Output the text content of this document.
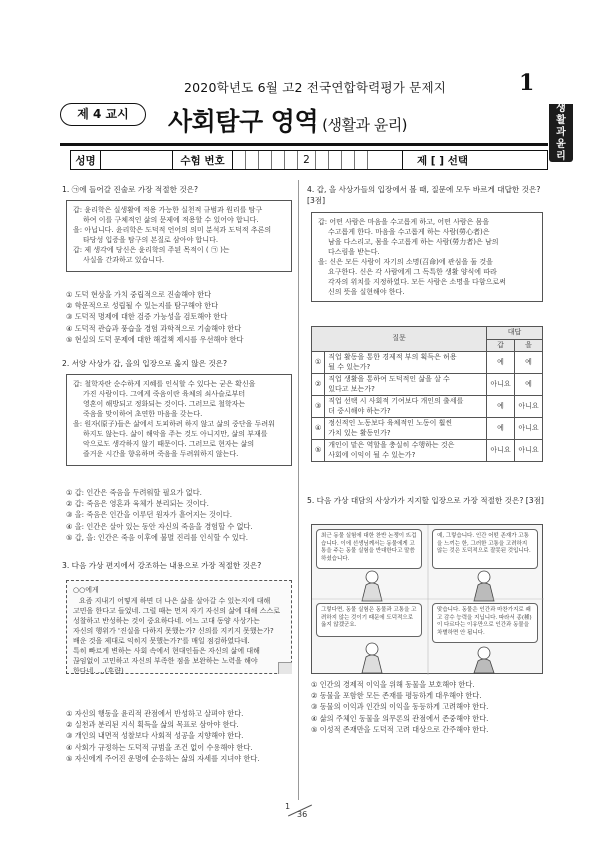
2020학년도 6월 고2 전국연합학력평가 문제지	1
생
활
과
윤
리
제 4 교시	사회탐구 영역 (생활과 윤리)
성명	수험 번호	2	제 [ ] 선택
1. ㉠에 들어갈 진술로 가장 적절한 것은?
갑: 윤리학은 실생활에 적용 가능한 실천적 규범과 원리를 탐구
하여 이를 구체적인 삶의 문제에 적용할 수 있어야 합니다.
을: 아닙니다. 윤리학은 도덕적 언어의 의미 분석과 도덕적 추론의
타당성 입증을 탐구의 본질로 삼아야 합니다.
갑: 제 생각에 당신은 윤리학의 주된 목적이 ( ㉠ )는
사실을 간과하고 있습니다.
① 도덕 현상을 가치 중립적으로 진술해야 한다
② 학문적으로 성립될 수 있는지를 탐구해야 한다
③ 도덕적 명제에 대한 검증 가능성을 검토해야 한다
④ 도덕적 관습과 풍습을 경험 과학적으로 기술해야 한다
⑤ 현실의 도덕 문제에 대한 해결책 제시를 우선해야 한다
2. 서양 사상가 갑, 을의 입장으로 옳지 않은 것은?
갑: 철학자란 순수하게 지혜를 인식할 수 있다는 굳은 확신을
가진 사람이다. 그에게 죽음이란 육체의 쇠사슬로부터
영혼이 해방되고 정화되는 것이다. 그러므로 철학자는
죽음을 맞이하여 초연한 마음을 갖는다.
을: 원자(原子)들은 삶에서 도피하려 하지 않고 삶의 중단을 두려워
하지도 않는다. 삶이 해악을 주는 것도 아니지만, 삶의 부재를
악으로도 생각하지 않기 때문이다. 그러므로 현자는 삶의
즐거운 시간을 향유하며 죽음을 두려워하지 않는다.
① 갑: 인간은 죽음을 두려워할 필요가 없다.
② 갑: 죽음은 영혼과 육체가 분리되는 것이다.
③ 을: 죽음은 인간을 이루던 원자가 흩어지는 것이다.
④ 을: 인간은 살아 있는 동안 자신의 죽음을 경험할 수 없다.
⑤ 갑, 을: 인간은 죽음 이후에 불멸 진리를 인식할 수 있다.
3. 다음 가상 편지에서 강조하는 내용으로 가장 적절한 것은?
○○에게
요즘 지내기 어떻게 하면 더 나은 삶을 살아갈 수 있는지에 대해
고민을 한다고 들었네. 그럴 때는 먼저 자기 자신의 삶에 대해 스스로
성찰하고 반성하는 것이 중요하다네. 어느 고대 동양 사상가는
자신의 행위가 '진실을 다하지 못했는가? 신의를 지키지 못했는가?
배운 것을 제대로 익히지 못했는가?'를 매일 점검하였다네.
특히 빠르게 변하는 사회 속에서 현대인들은 자신의 삶에 대해
끊임없이 고민하고 자신의 부족한 점을 보완하는 노력을 해야
한다네. …(후략)
① 자신의 행동을 윤리적 관점에서 반성하고 살펴야 한다.
② 실천과 분리된 지식 획득을 삶의 목표로 삼아야 한다.
③ 개인의 내면적 성찰보다 사회적 성공을 지향해야 한다.
④ 사회가 규정하는 도덕적 규범을 조건 없이 수용해야 한다.
⑤ 자신에게 주어진 운명에 순응하는 삶의 자세를 지녀야 한다.
4. 갑, 을 사상가들의 입장에서 볼 때, 질문에 모두 바르게 대답한 것은? [3점]
갑: 어떤 사람은 마음을 수고롭게 하고, 어떤 사람은 몸을
수고롭게 한다. 마음을 수고롭게 하는 사람(勞心者)은
남을 다스리고, 몸을 수고롭게 하는 사람(勞力者)은 남의
다스림을 받는다.
을: 신은 모든 사람이 자기의 소명(召命)에 관심을 둘 것을
요구한다. 신은 각 사람에게 그 독특한 생활 양식에 따라
각자의 위치를 지정하였다. 모든 사람은 소명을 다함으로써
신의 뜻을 실현해야 한다.
질문		대답	
		갑	을
①	직업 활동을 통한 경제적 부의 획득은 허용
될 수 있는가?	예	예
②	직업 생활을 통하여 도덕적인 삶을 살 수
있다고 보는가?	아니요	예
③	직업 선택 시 사회적 기여보다 개인의 출세를
더 중시해야 하는가?	예	아니요
④	정신적인 노동보다 육체적인 노동이 훨씬
가치 있는 활동인가?	예	아니요
⑤	개인이 맡은 역할을 충실히 수행하는 것은
사회에 이익이 될 수 있는가?	아니요	아니요
5. 다음 가상 대담의 사상가가 지지할 입장으로 가장 적절한 것은? [3점]
최근 동물 실험에 대한 찬반 논쟁이 뜨겁습니다. 이에 선생님께서는 동물에게 고통을 주는 동물 실험을 반대한다고 말씀하셨습니다.
예, 그렇습니다. 인간 어떤 존재가 고통을 느끼는 한, 그러한 고통을 고려하지 않는 것은 도덕적으로 잘못된 것입니다.
그렇다면, 동물 실험은 동물과 고통을 고려하지 않는 것이기 때문에 도덕적으로 옳지 않겠군요.
맞습니다. 동물은 인간과 마찬가지로 쾌고 감수 능력을 지닙니다. 따라서 종(種)이 다르다는 이유만으로 인간과 동물을 차별하면 안 됩니다.
① 인간의 경제적 이익을 위해 동물을 보호해야 한다.
② 동물을 포함한 모든 존재를 평등하게 대우해야 한다.
③ 동물의 이익과 인간의 이익을 동등하게 고려해야 한다.
④ 삶의 주체인 동물을 의무론의 관점에서 존중해야 한다.
⑤ 이성적 존재만을 도덕적 고려 대상으로 간주해야 한다.
1
36
